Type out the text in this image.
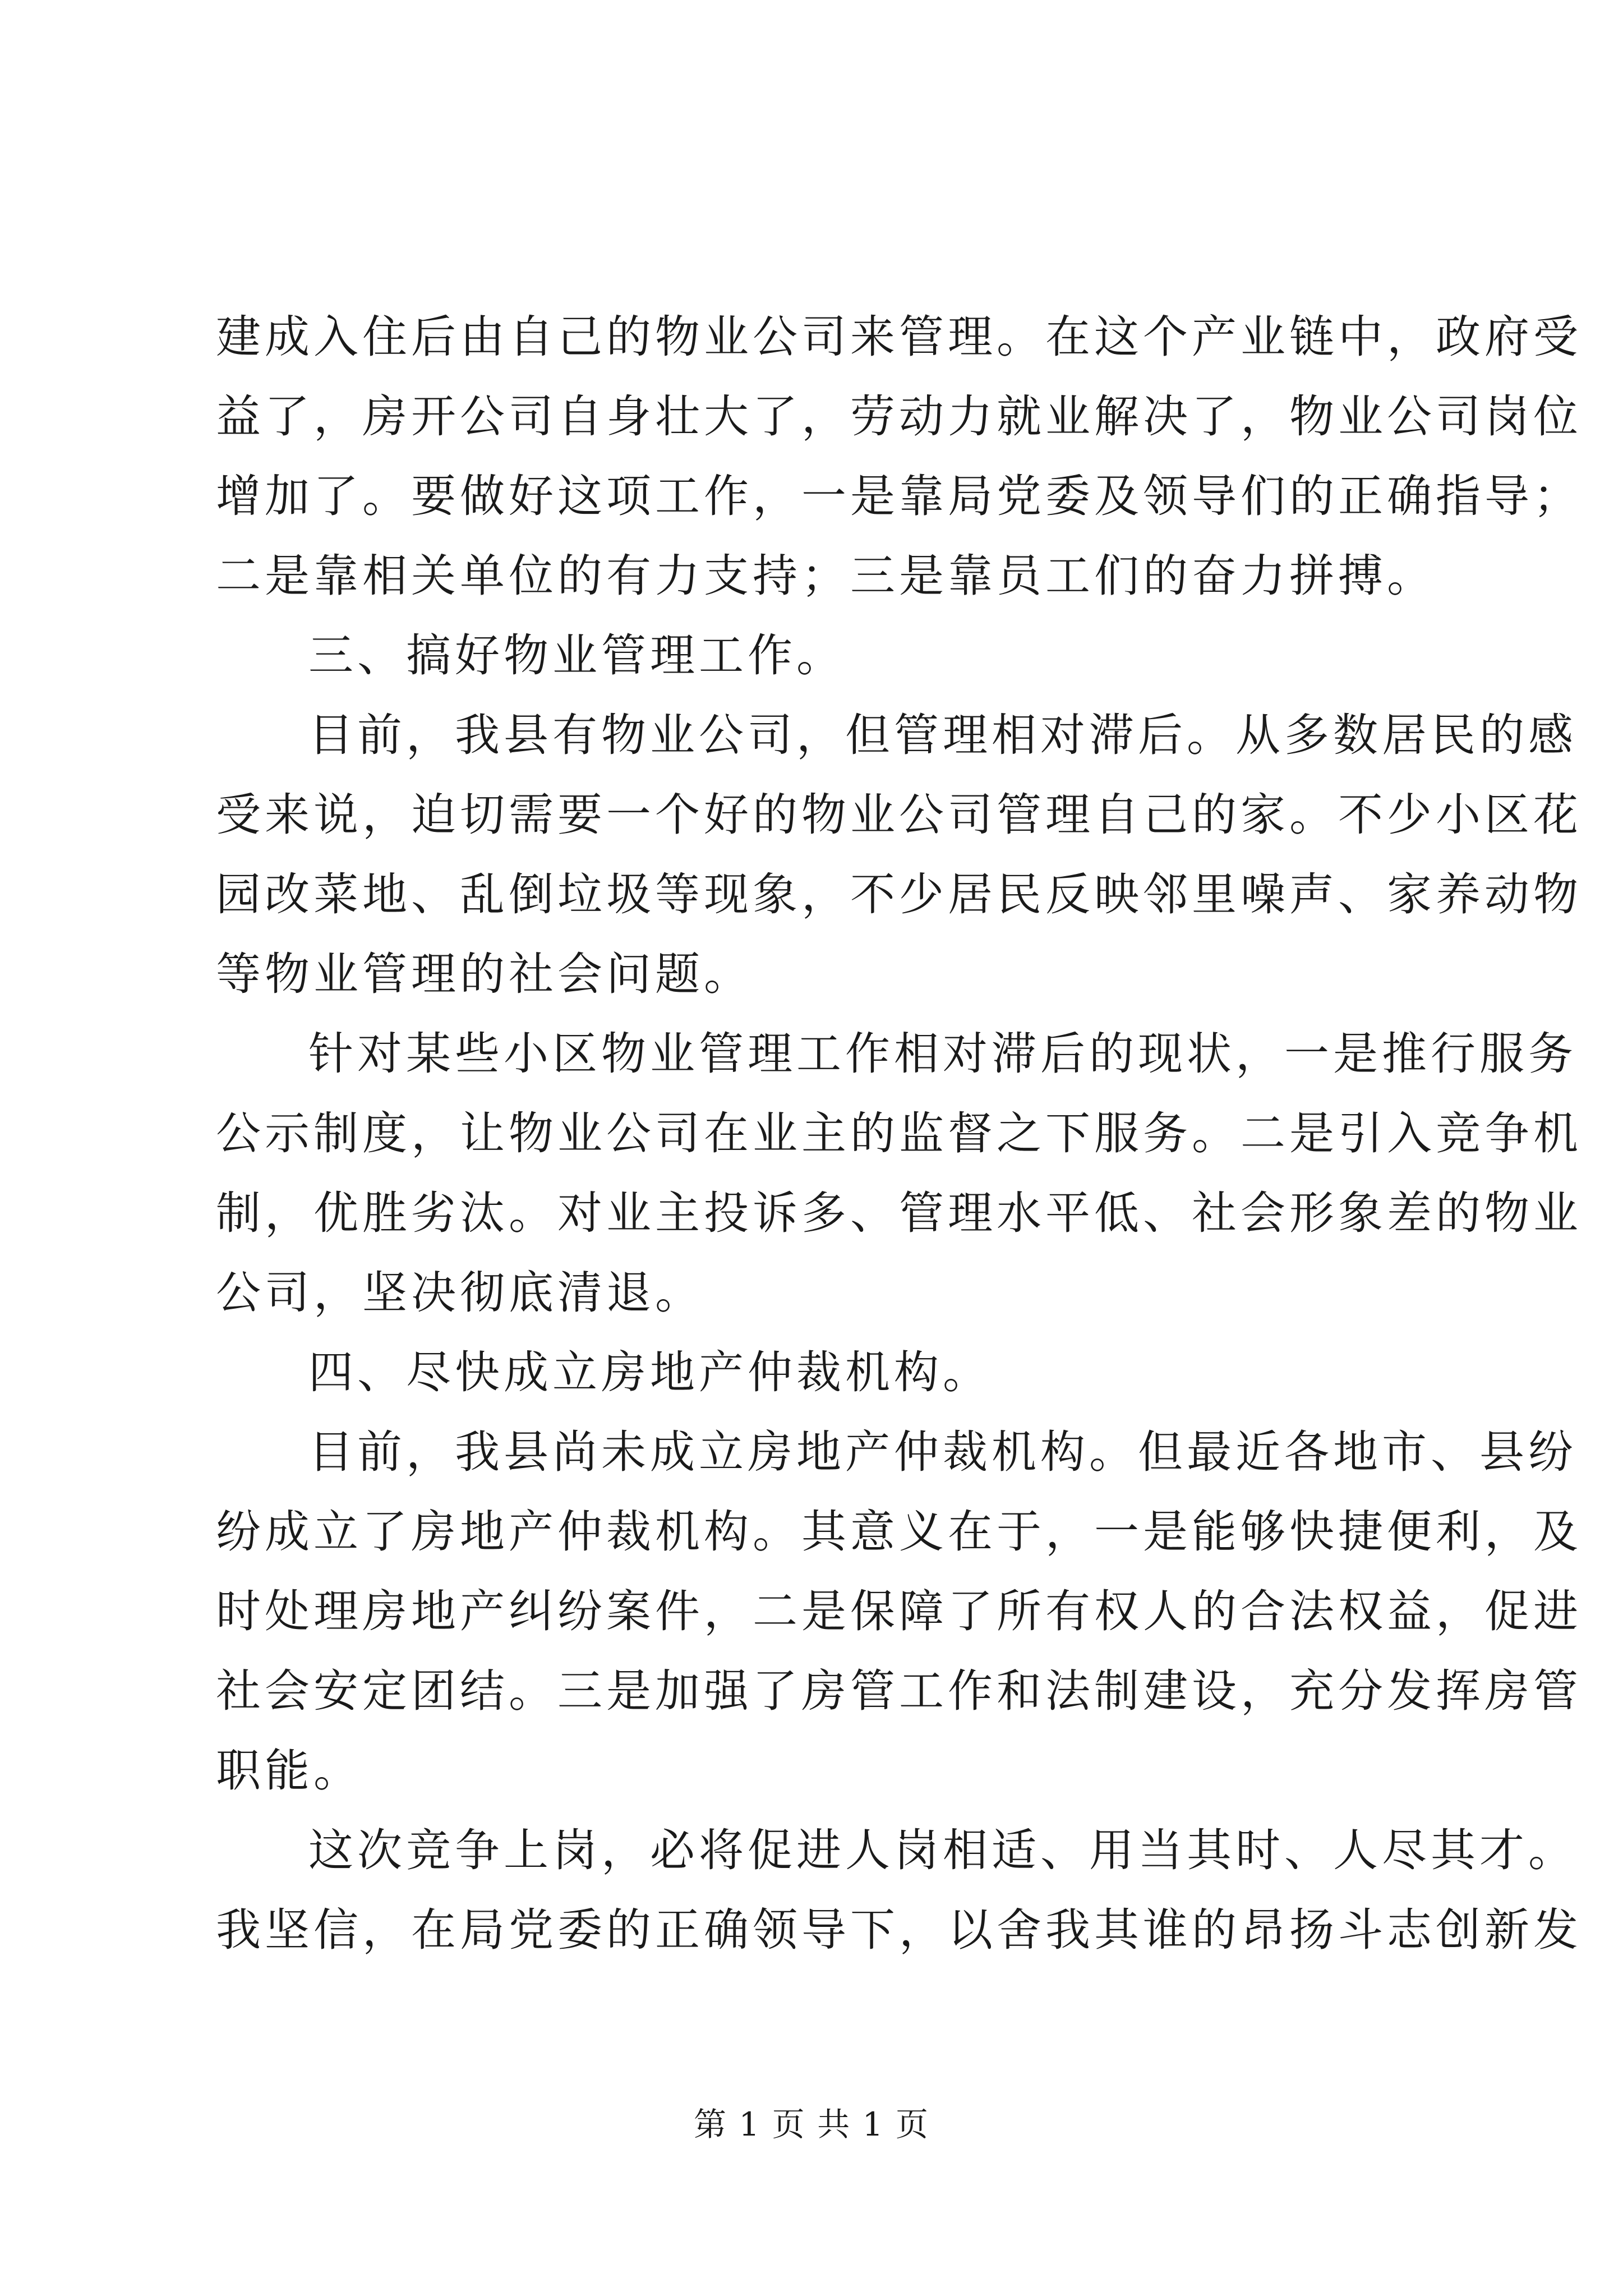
建成入住后由自己的物业公司来管理。在这个产业链中，政府受
益了，房开公司自身壮大了，劳动力就业解决了，物业公司岗位
增加了。要做好这项工作，一是靠局党委及领导们的正确指导；
二是靠相关单位的有力支持；三是靠员工们的奋力拼搏。
三、搞好物业管理工作。
目前，我县有物业公司，但管理相对滞后。从多数居民的感
受来说，迫切需要一个好的物业公司管理自己的家。不少小区花
园改菜地、乱倒垃圾等现象，不少居民反映邻里噪声、家养动物
等物业管理的社会问题。
针对某些小区物业管理工作相对滞后的现状，一是推行服务
公示制度，让物业公司在业主的监督之下服务。二是引入竞争机
制，优胜劣汰。对业主投诉多、管理水平低、社会形象差的物业
公司，坚决彻底清退。
四、尽快成立房地产仲裁机构。
目前，我县尚未成立房地产仲裁机构。但最近各地市、县纷
纷成立了房地产仲裁机构。其意义在于，一是能够快捷便利，及
时处理房地产纠纷案件，二是保障了所有权人的合法权益，促进
社会安定团结。三是加强了房管工作和法制建设，充分发挥房管
职能。
这次竞争上岗，必将促进人岗相适、用当其时、人尽其才。
我坚信，在局党委的正确领导下，以舍我其谁的昂扬斗志创新发
第 1 页 共 1 页
